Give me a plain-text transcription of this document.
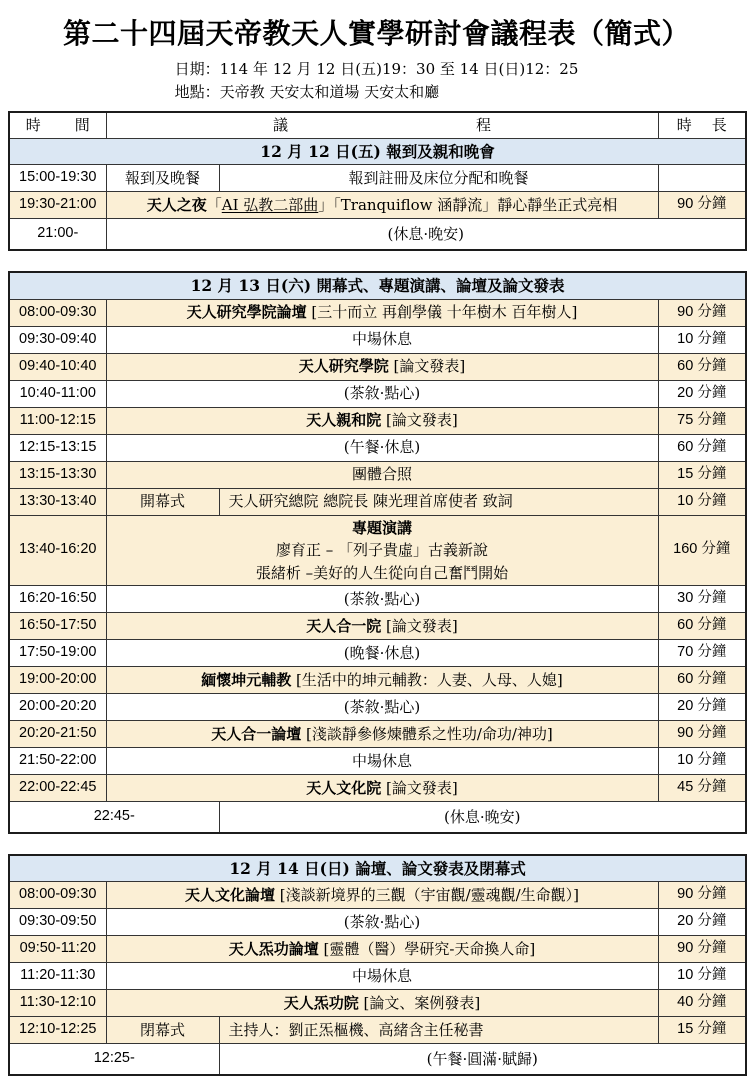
第二十四屆天帝教天人實學研討會議程表（簡式）
日期：114 年 12 月 12 日(五)19：30 至 14 日(日)12：25
地點：天帝教 天安太和道場 天安太和廳
時 間	議 程		時 長

12 月 12 日(五) 報到及親和晚會			
15:00-19:30	報到及晚餐	報到註冊及床位分配和晚餐	
19:30-21:00	天人之夜「AI 弘教二部曲」「Tranquiflow 涵靜流」靜心靜坐正式亮相		90 分鐘
21:00-	(休息·晚安)		
12 月 13 日(六) 開幕式、專題演講、論壇及論文發表			
08:00-09:30	天人研究學院論壇 [三十而立 再創學儀 十年樹木 百年樹人]		90 分鐘
09:30-09:40	中場休息		10 分鐘
09:40-10:40	天人研究學院 [論文發表]		60 分鐘
10:40-11:00	(茶敘·點心)		20 分鐘
11:00-12:15	天人親和院 [論文發表]		75 分鐘
12:15-13:15	(午餐·休息)		60 分鐘
13:15-13:30	團體合照		15 分鐘
13:30-13:40	開幕式	天人研究總院 總院長 陳光理首席使者 致詞	10 分鐘
13:40-16:20	專題演講
廖育正 – 「列子貴虛」古義新說
張緒析 –美好的人生從向自己奮鬥開始		160 分鐘
16:20-16:50	(茶敘·點心)		30 分鐘
16:50-17:50	天人合一院 [論文發表]		60 分鐘
17:50-19:00	(晚餐·休息)		70 分鐘
19:00-20:00	緬懷坤元輔教 [生活中的坤元輔教：人妻、人母、人媳]		60 分鐘
20:00-20:20	(茶敘·點心)		20 分鐘
20:20-21:50	天人合一論壇 [淺談靜參修煉體系之性功/命功/神功]		90 分鐘
21:50-22:00	中場休息		10 分鐘
22:00-22:45	天人文化院 [論文發表]		45 分鐘
22:45-		(休息·晚安)	
12 月 14 日(日) 論壇、論文發表及閉幕式			
08:00-09:30	天人文化論壇 [淺談新境界的三觀（宇宙觀/靈魂觀/生命觀）]		90 分鐘
09:30-09:50	(茶敘·點心)		20 分鐘
09:50-11:20	天人炁功論壇 [靈體（醫）學研究-天命換人命]		90 分鐘
11:20-11:30	中場休息		10 分鐘
11:30-12:10	天人炁功院 [論文、案例發表]		40 分鐘
12:10-12:25	閉幕式	主持人：劉正炁樞機、高緒含主任秘書	15 分鐘
12:25-		(午餐·圓滿·賦歸)	
